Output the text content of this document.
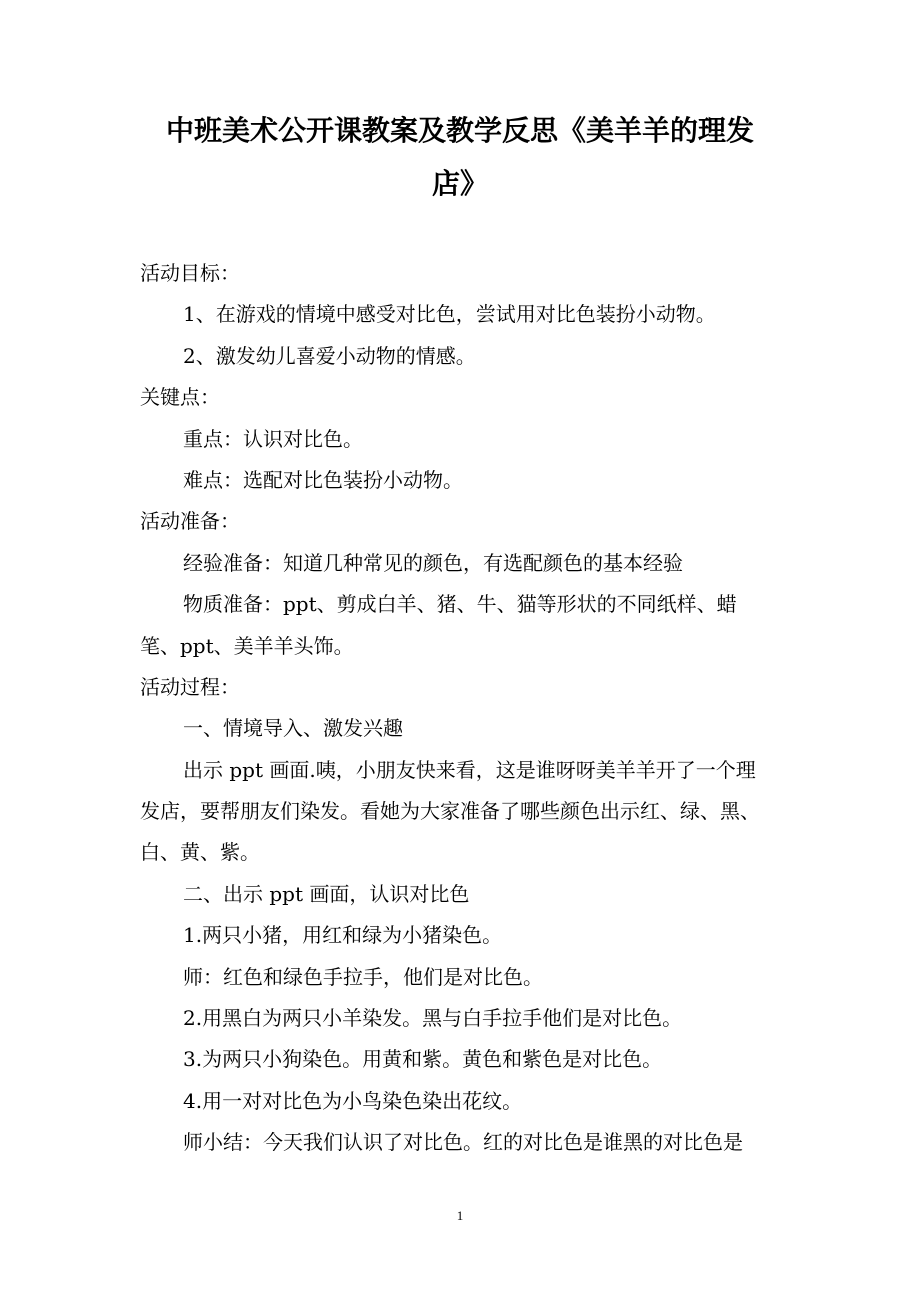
中班美术公开课教案及教学反思《美羊羊的理发
店》

活动目标：

1、在游戏的情境中感受对比色，尝试用对比色装扮小动物。

2、激发幼儿喜爱小动物的情感。

关键点：

重点：认识对比色。

难点：选配对比色装扮小动物。

活动准备：

经验准备：知道几种常见的颜色，有选配颜色的基本经验

物质准备：ppt、剪成白羊、猪、牛、猫等形状的不同纸样、蜡

笔、ppt、美羊羊头饰。

活动过程：

一、情境导入、激发兴趣

出示 ppt 画面.咦，小朋友快来看，这是谁呀呀美羊羊开了一个理

发店，要帮朋友们染发。看她为大家准备了哪些颜色出示红、绿、黑、

白、黄、紫。

二、出示 ppt 画面，认识对比色

1.两只小猪，用红和绿为小猪染色。

师：红色和绿色手拉手，他们是对比色。

2.用黑白为两只小羊染发。黑与白手拉手他们是对比色。

3.为两只小狗染色。用黄和紫。黄色和紫色是对比色。

4.用一对对比色为小鸟染色染出花纹。

师小结：今天我们认识了对比色。红的对比色是谁黑的对比色是

1
